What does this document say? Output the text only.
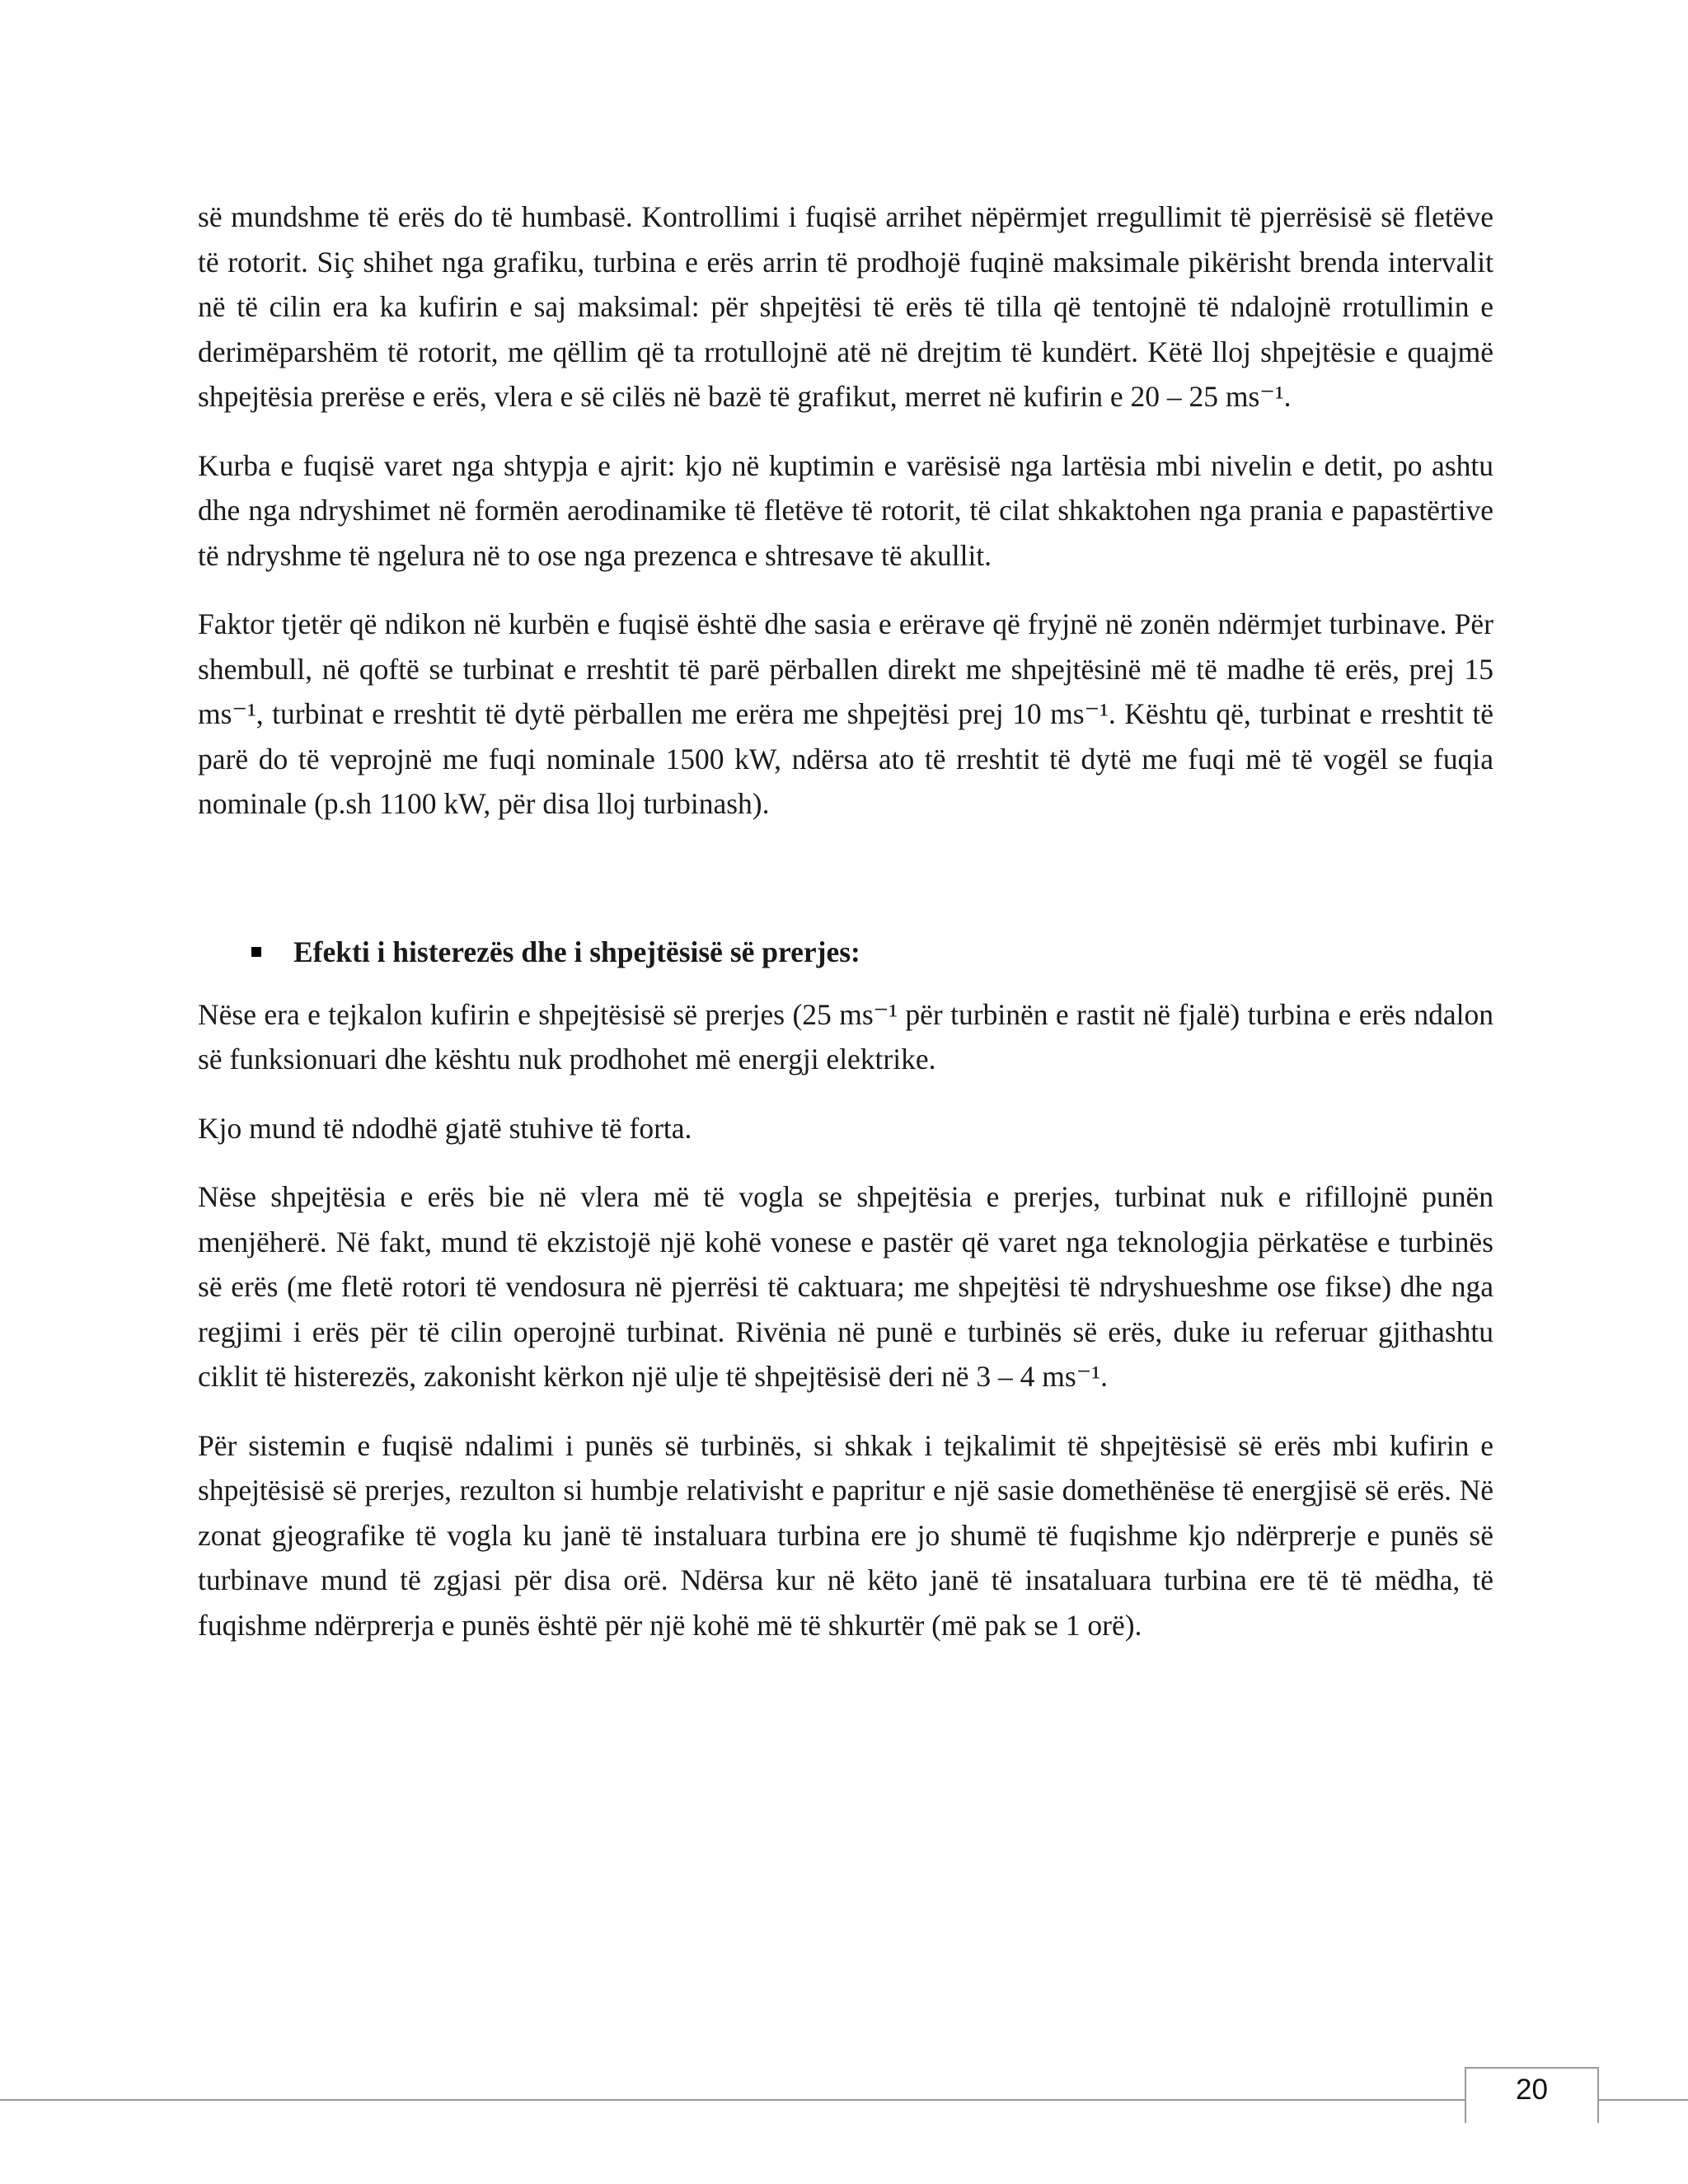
së mundshme të erës do të humbasë. Kontrollimi i fuqisë arrihet nëpërmjet rregullimit të pjerrësisë së fletëve të rotorit. Siç shihet nga grafiku, turbina e erës arrin të prodhojë fuqinë maksimale pikërisht brenda intervalit në të cilin era ka kufirin e saj maksimal: për shpejtësi të erës të tilla që tentojnë të ndalojnë rrotullimin e derimëparshëm të rotorit, me qëllim që ta rrotullojnë atë në drejtim të kundërt. Këtë lloj shpejtësie e quajmë shpejtësia prerëse e erës, vlera e së cilës në bazë të grafikut, merret në kufirin e 20 – 25 ms⁻¹.

Kurba e fuqisë varet nga shtypja e ajrit: kjo në kuptimin e varësisë nga lartësia mbi nivelin e detit, po ashtu dhe nga ndryshimet në formën aerodinamike të fletëve të rotorit, të cilat shkaktohen nga prania e papastërtive të ndryshme të ngelura në to ose nga prezenca e shtresave të akullit.

Faktor tjetër që ndikon në kurbën e fuqisë është dhe sasia e erërave që fryjnë në zonën ndërmjet turbinave. Për shembull, në qoftë se turbinat e rreshtit të parë përballen direkt me shpejtësinë më të madhe të erës, prej 15 ms⁻¹, turbinat e rreshtit të dytë përballen me erëra me shpejtësi prej 10 ms⁻¹. Kështu që, turbinat e rreshtit të parë do të veprojnë me fuqi nominale 1500 kW, ndërsa ato të rreshtit të dytë me fuqi më të vogël se fuqia nominale (p.sh 1100 kW, për disa lloj turbinash).

Efekti i histerezës dhe i shpejtësisë së prerjes:

Nëse era e tejkalon kufirin e shpejtësisë së prerjes (25 ms⁻¹ për turbinën e rastit në fjalë) turbina e erës ndalon së funksionuari dhe kështu nuk prodhohet më energji elektrike.

Kjo mund të ndodhë gjatë stuhive të forta.

Nëse shpejtësia e erës bie në vlera më të vogla se shpejtësia e prerjes, turbinat nuk e rifillojnë punën menjëherë. Në fakt, mund të ekzistojë një kohë vonese e pastër që varet nga teknologjia përkatëse e turbinës së erës (me fletë rotori të vendosura në pjerrësi të caktuara; me shpejtësi të ndryshueshme ose fikse) dhe nga regjimi i erës për të cilin operojnë turbinat. Rivënia në punë e turbinës së erës, duke iu referuar gjithashtu ciklit të histerezës, zakonisht kërkon një ulje të shpejtësisë deri në 3 – 4 ms⁻¹.

Për sistemin e fuqisë ndalimi i punës së turbinës, si shkak i tejkalimit të shpejtësisë së erës mbi kufirin e shpejtësisë së prerjes, rezulton si humbje relativisht e papritur e një sasie domethënëse të energjisë së erës. Në zonat gjeografike të vogla ku janë të instaluara turbina ere jo shumë të fuqishme kjo ndërprerje e punës së turbinave mund të zgjasi për disa orë. Ndërsa kur në këto janë të insataluara turbina ere të të mëdha, të fuqishme ndërprerja e punës është për një kohë më të shkurtër (më pak se 1 orë).

20
